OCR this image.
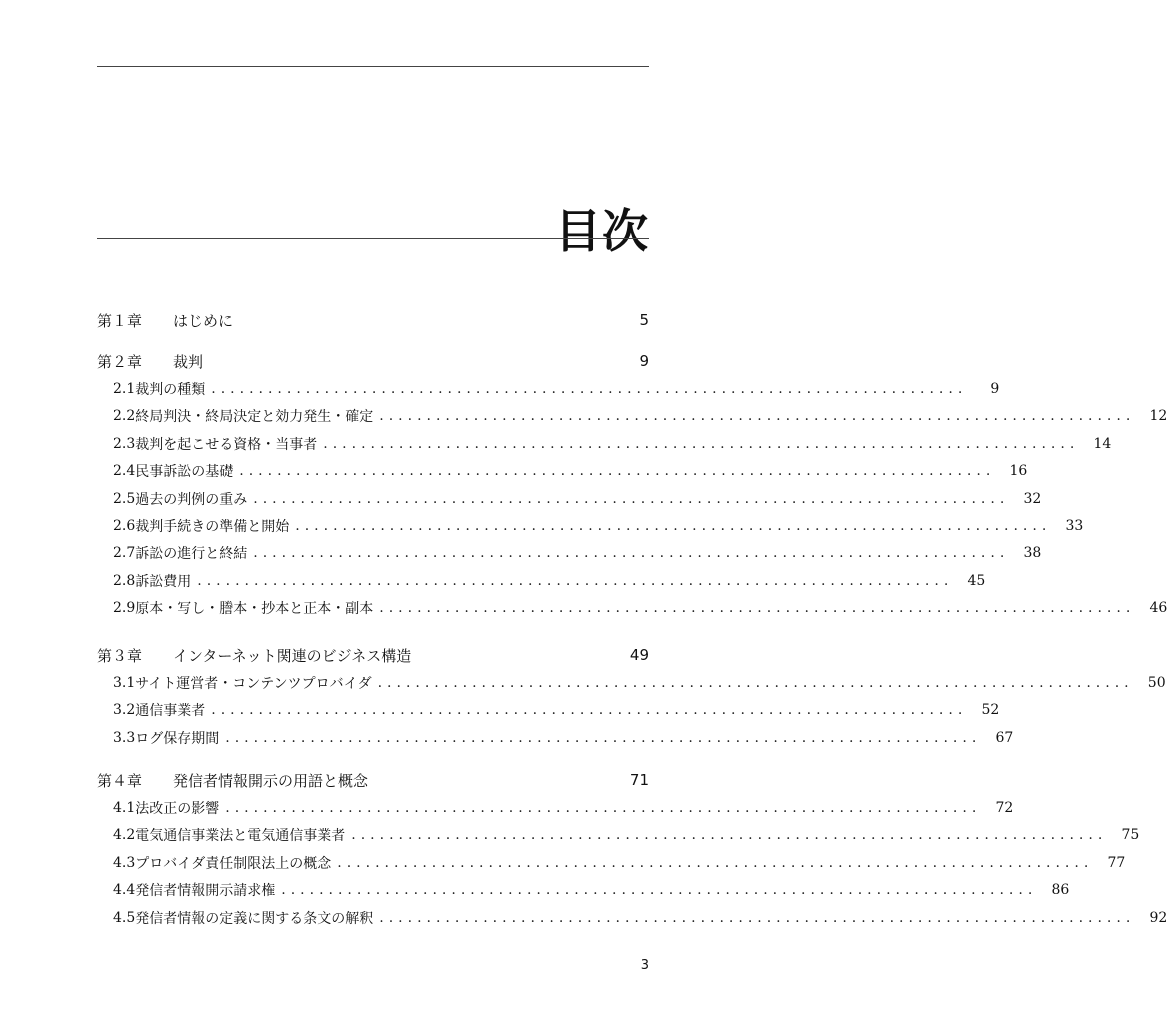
目次
第１章	はじめに	5
第２章	裁判	9
2.1 裁判の種類 ................................................................................	9
2.2 終局判決・終局決定と効力発生・確定 ................................................................................	12
2.3 裁判を起こせる資格・当事者 ................................................................................	14
2.4 民事訴訟の基礎 ................................................................................	16
2.5 過去の判例の重み ................................................................................	32
2.6 裁判手続きの準備と開始 ................................................................................	33
2.7 訴訟の進行と終結 ................................................................................	38
2.8 訴訟費用 ................................................................................	45
2.9 原本・写し・謄本・抄本と正本・副本 ................................................................................	46
第３章	インターネット関連のビジネス構造	49
3.1 サイト運営者・コンテンツプロバイダ ................................................................................	50
3.2 通信事業者 ................................................................................	52
3.3 ログ保存期間 ................................................................................	67
第４章	発信者情報開示の用語と概念	71
4.1 法改正の影響 ................................................................................	72
4.2 電気通信事業法と電気通信事業者 ................................................................................	75
4.3 プロバイダ責任制限法上の概念 ................................................................................	77
4.4 発信者情報開示請求権 ................................................................................	86
4.5 発信者情報の定義に関する条文の解釈 ................................................................................	92
3
